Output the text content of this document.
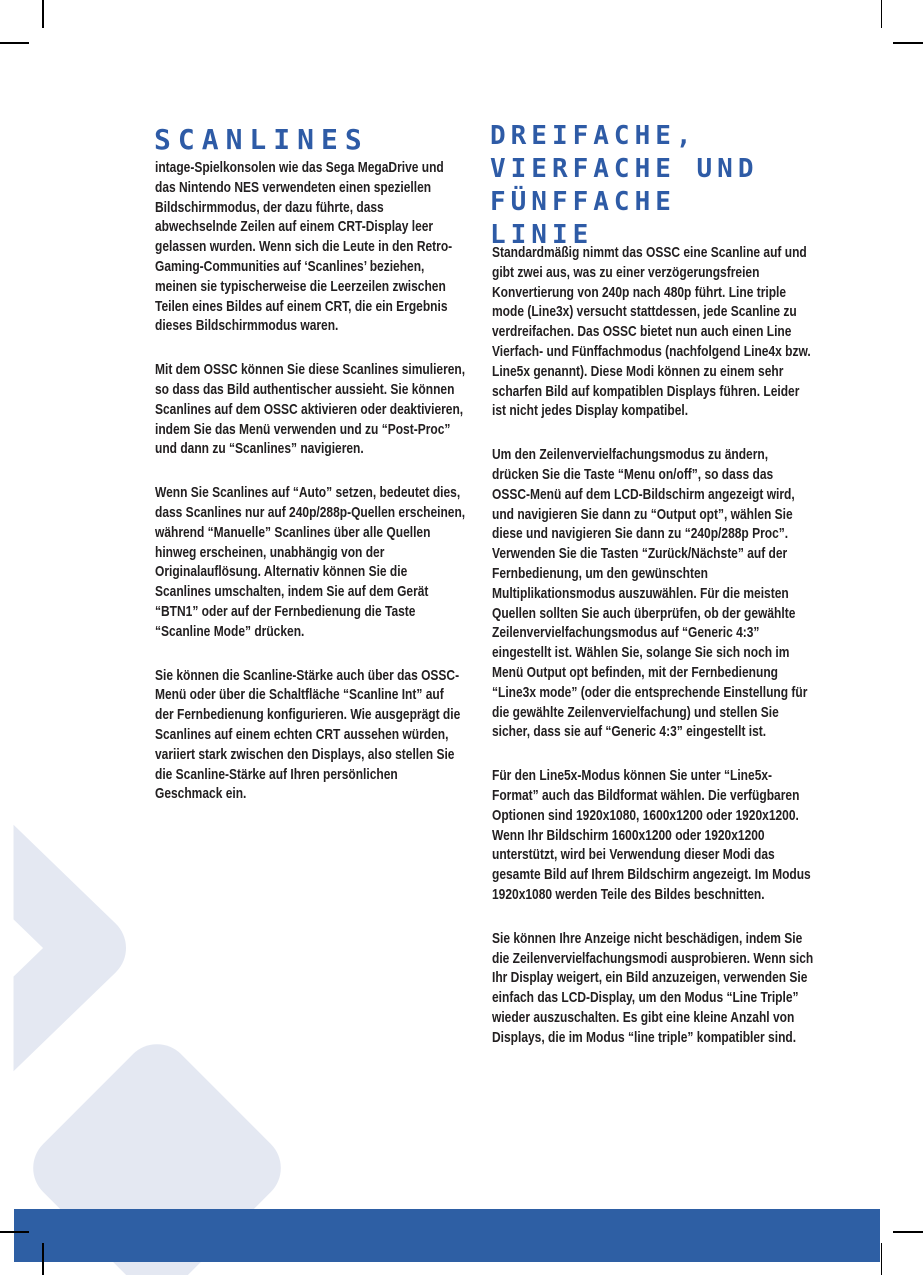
SCANLINES

intage-Spielkonsolen wie das Sega MegaDrive und das Nintendo NES verwendeten einen speziellen Bildschirmmodus, der dazu führte, dass abwechselnde Zeilen auf einem CRT-Display leer gelassen wurden. Wenn sich die Leute in den Retro-Gaming-Communities auf ‘Scanlines’ beziehen, meinen sie typischerweise die Leerzeilen zwischen Teilen eines Bildes auf einem CRT, die ein Ergebnis dieses Bildschirmmodus waren.

Mit dem OSSC können Sie diese Scanlines simulieren, so dass das Bild authentischer aussieht. Sie können Scanlines auf dem OSSC aktivieren oder deaktivieren, indem Sie das Menü verwenden und zu “Post-Proc” und dann zu “Scanlines” navigieren.

Wenn Sie Scanlines auf “Auto” setzen, bedeutet dies, dass Scanlines nur auf 240p/288p-Quellen erscheinen, während “Manuelle” Scanlines über alle Quellen hinweg erscheinen, unabhängig von der Originalauflösung. Alternativ können Sie die Scanlines umschalten, indem Sie auf dem Gerät “BTN1” oder auf der Fernbedienung die Taste “Scanline Mode” drücken.

Sie können die Scanline-Stärke auch über das OSSC-Menü oder über die Schaltfläche “Scanline Int” auf der Fernbedienung konfigurieren. Wie ausgeprägt die Scanlines auf einem echten CRT aussehen würden, variiert stark zwischen den Displays, also stellen Sie die Scanline-Stärke auf Ihren persönlichen Geschmack ein.

DREIFACHE,
VIERFACHE UND
FÜNFFACHE
LINIE

Standardmäßig nimmt das OSSC eine Scanline auf und gibt zwei aus, was zu einer verzögerungsfreien Konvertierung von 240p nach 480p führt. Line triple mode (Line3x) versucht stattdessen, jede Scanline zu verdreifachen. Das OSSC bietet nun auch einen Line Vierfach- und Fünffachmodus (nachfolgend Line4x bzw. Line5x genannt). Diese Modi können zu einem sehr scharfen Bild auf kompatiblen Displays führen. Leider ist nicht jedes Display kompatibel.

Um den Zeilenvervielfachungsmodus zu ändern, drücken Sie die Taste “Menu on/off”, so dass das OSSC-Menü auf dem LCD-Bildschirm angezeigt wird, und navigieren Sie dann zu “Output opt”, wählen Sie diese und navigieren Sie dann zu “240p/288p Proc”. Verwenden Sie die Tasten “Zurück/Nächste” auf der Fernbedienung, um den gewünschten Multiplikationsmodus auszuwählen. Für die meisten Quellen sollten Sie auch überprüfen, ob der gewählte Zeilenvervielfachungsmodus auf “Generic 4:3” eingestellt ist. Wählen Sie, solange Sie sich noch im Menü Output opt befinden, mit der Fernbedienung “Line3x mode” (oder die entsprechende Einstellung für die gewählte Zeilenvervielfachung) und stellen Sie sicher, dass sie auf “Generic 4:3” eingestellt ist.

Für den Line5x-Modus können Sie unter “Line5x-Format” auch das Bildformat wählen. Die verfügbaren Optionen sind 1920x1080, 1600x1200 oder 1920x1200. Wenn Ihr Bildschirm 1600x1200 oder 1920x1200 unterstützt, wird bei Verwendung dieser Modi das gesamte Bild auf Ihrem Bildschirm angezeigt. Im Modus 1920x1080 werden Teile des Bildes beschnitten.

Sie können Ihre Anzeige nicht beschädigen, indem Sie die Zeilenvervielfachungsmodi ausprobieren. Wenn sich Ihr Display weigert, ein Bild anzuzeigen, verwenden Sie einfach das LCD-Display, um den Modus “Line Triple” wieder auszuschalten. Es gibt eine kleine Anzahl von Displays, die im Modus “line triple” kompatibler sind.
